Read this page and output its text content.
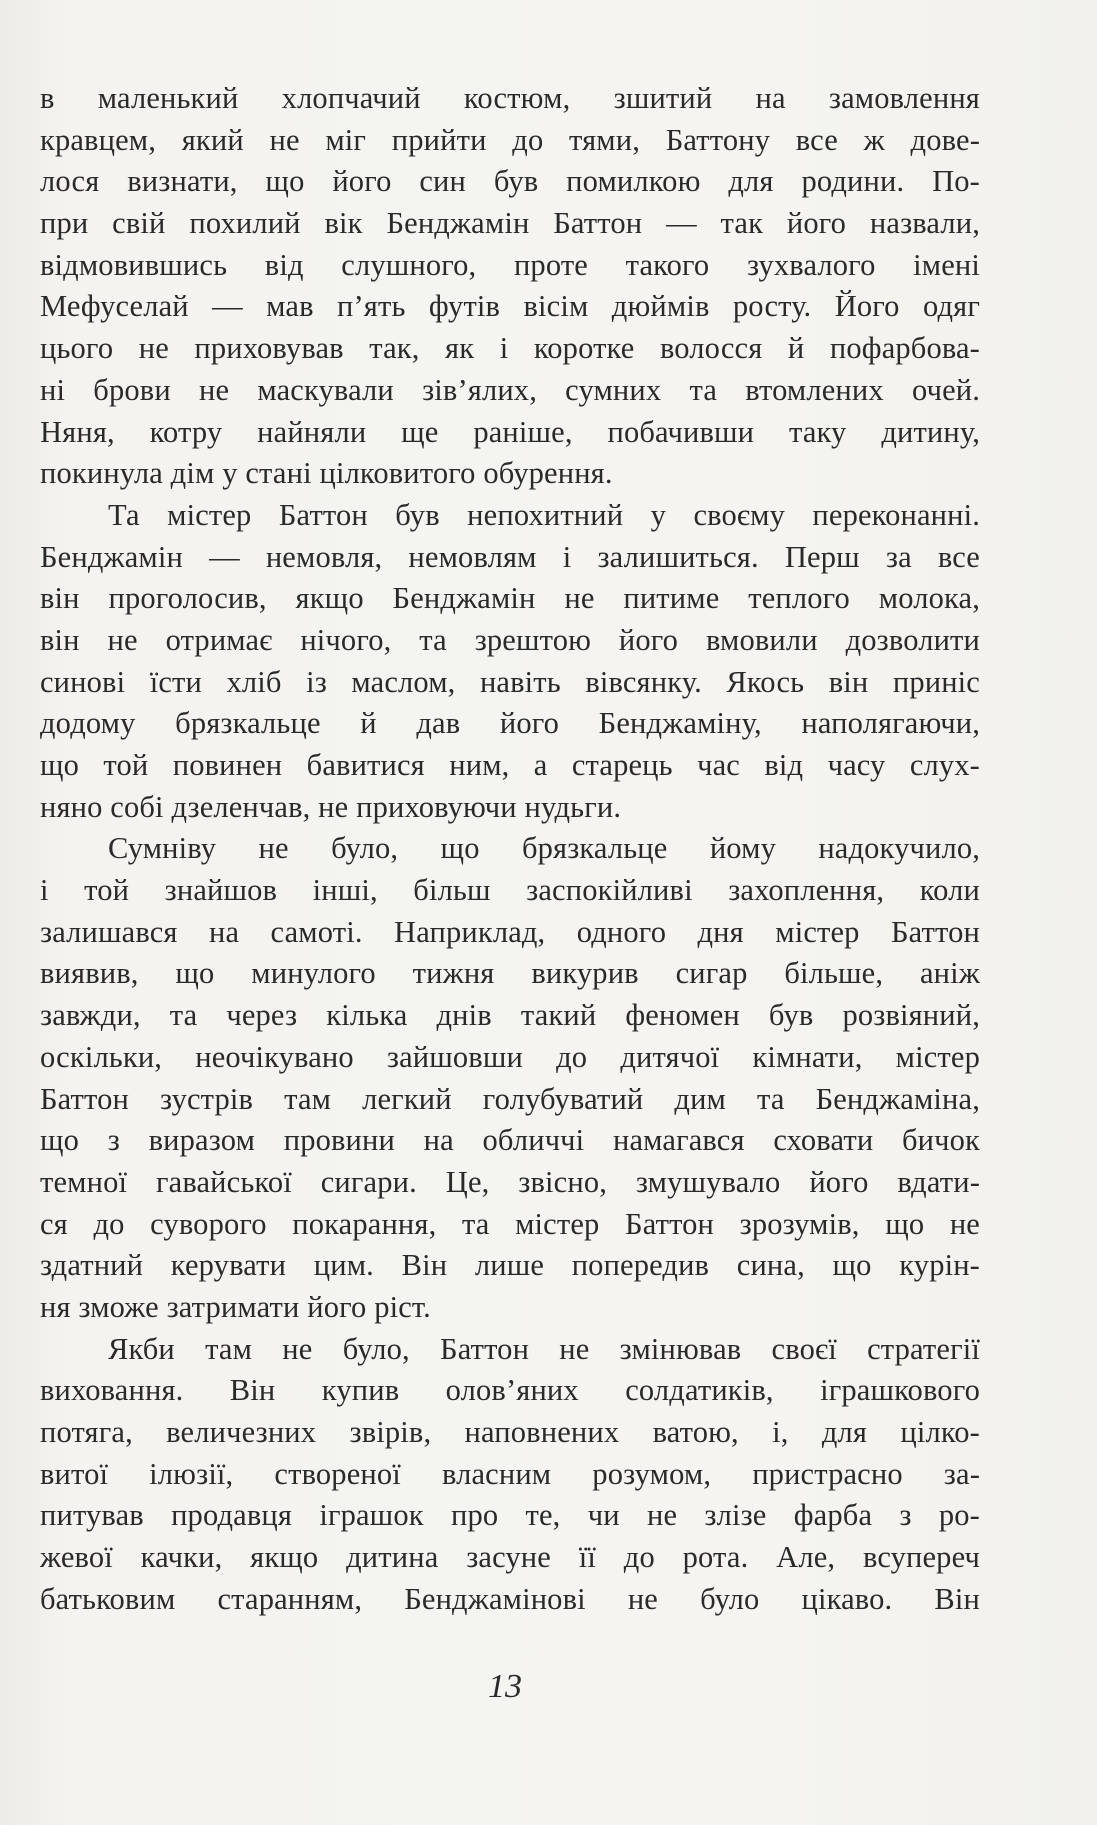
в маленький хлопчачий костюм, зшитий на замовлення
кравцем, який не міг прийти до тями, Баттону все ж дове-
лося визнати, що його син був помилкою для родини. По-
при свій похилий вік Бенджамін Баттон — так його назвали,
відмовившись від слушного, проте такого зухвалого імені
Мефуселай — мав п’ять футів вісім дюймів росту. Його одяг
цього не приховував так, як і коротке волосся й пофарбова-
ні брови не маскували зів’ялих, сумних та втомлених очей.
Няня, котру найняли ще раніше, побачивши таку дитину,
покинула дім у стані цілковитого обурення.
Та містер Баттон був непохитний у своєму переконанні.
Бенджамін — немовля, немовлям і залишиться. Перш за все
він проголосив, якщо Бенджамін не питиме теплого молока,
він не отримає нічого, та зрештою його вмовили дозволити
синові їсти хліб із маслом, навіть вівсянку. Якось він приніс
додому брязкальце й дав його Бенджаміну, наполягаючи,
що той повинен бавитися ним, а старець час від часу слух-
няно собі дзеленчав, не приховуючи нудьги.
Сумніву не було, що брязкальце йому надокучило,
і той знайшов інші, більш заспокійливі захоплення, коли
залишався на самоті. Наприклад, одного дня містер Баттон
виявив, що минулого тижня викурив сигар більше, аніж
завжди, та через кілька днів такий феномен був розвіяний,
оскільки, неочікувано зайшовши до дитячої кімнати, містер
Баттон зустрів там легкий голубуватий дим та Бенджаміна,
що з виразом провини на обличчі намагався сховати бичок
темної гавайської сигари. Це, звісно, змушувало його вдати-
ся до суворого покарання, та містер Баттон зрозумів, що не
здатний керувати цим. Він лише попередив сина, що курін-
ня зможе затримати його ріст.
Якби там не було, Баттон не змінював своєї стратегії
виховання. Він купив олов’яних солдатиків, іграшкового
потяга, величезних звірів, наповнених ватою, і, для цілко-
витої ілюзії, створеної власним розумом, пристрасно за-
питував продавця іграшок про те, чи не злізе фарба з ро-
жевої качки, якщо дитина засуне її до рота. Але, всупереч
батьковим старанням, Бенджамінові не було цікаво. Він
13
